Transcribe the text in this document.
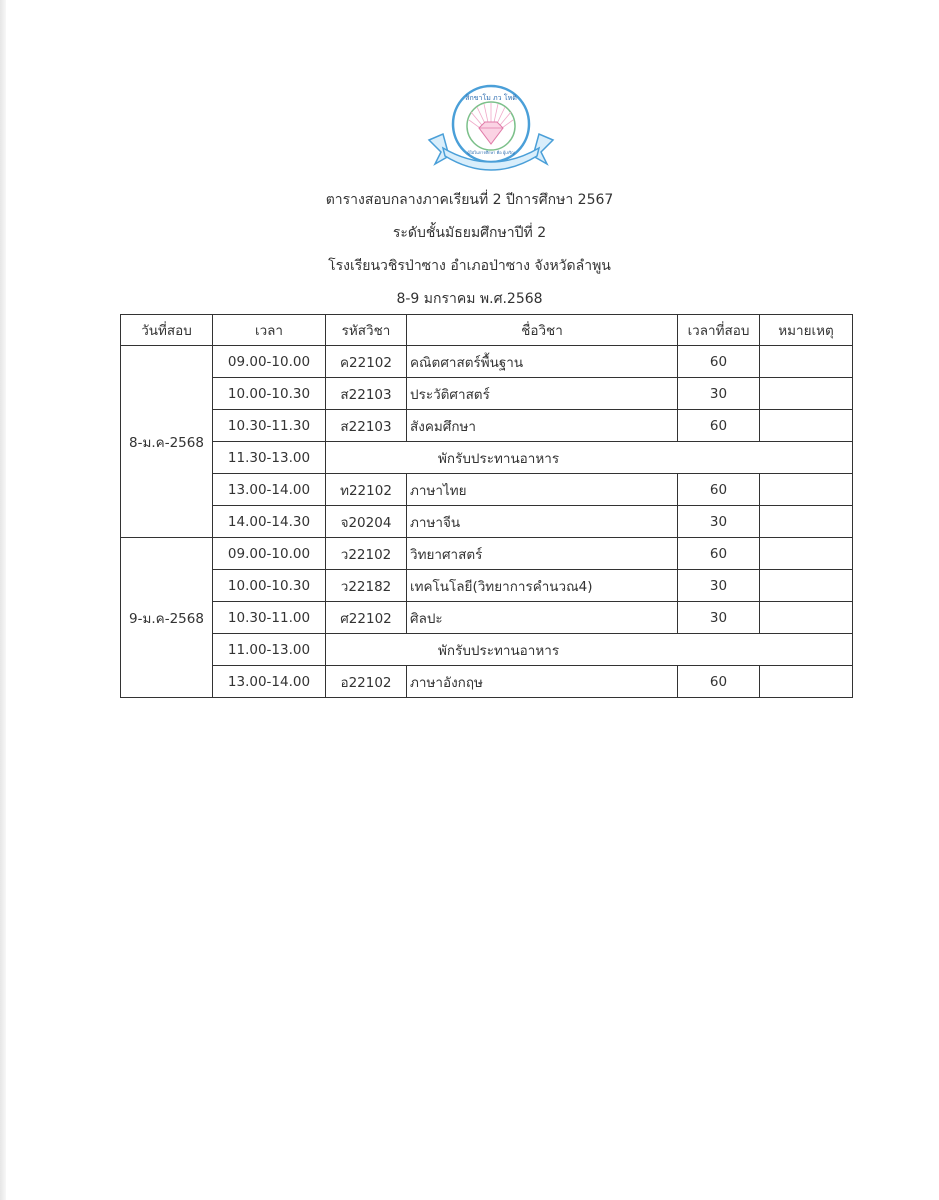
สิกขาโม ภว โหติ
ผู้ใฝ่ในการศึกษา คือ ผู้เจริญ
ตารางสอบกลางภาคเรียนที่ 2 ปีการศึกษา 2567
ระดับชั้นมัธยมศึกษาปีที่ 2
โรงเรียนวชิรป่าซาง อำเภอป่าซาง จังหวัดลำพูน
8-9 มกราคม พ.ศ.2568
วันที่สอบ	เวลา	รหัสวิชา	ชื่อวิชา	เวลาที่สอบ	หมายเหตุ
8-ม.ค-2568	09.00-10.00	ค22102	คณิตศาสตร์พื้นฐาน	60	
	10.00-10.30	ส22103	ประวัติศาสตร์	30	
	10.30-11.30	ส22103	สังคมศึกษา	60	
	11.30-13.00	พักรับประทานอาหาร			
	13.00-14.00	ท22102	ภาษาไทย	60	
	14.00-14.30	จ20204	ภาษาจีน	30	
9-ม.ค-2568	09.00-10.00	ว22102	วิทยาศาสตร์	60	
	10.00-10.30	ว22182	เทคโนโลยี(วิทยาการคำนวณ4)	30	
	10.30-11.00	ศ22102	ศิลปะ	30	
	11.00-13.00	พักรับประทานอาหาร			
	13.00-14.00	อ22102	ภาษาอังกฤษ	60	
